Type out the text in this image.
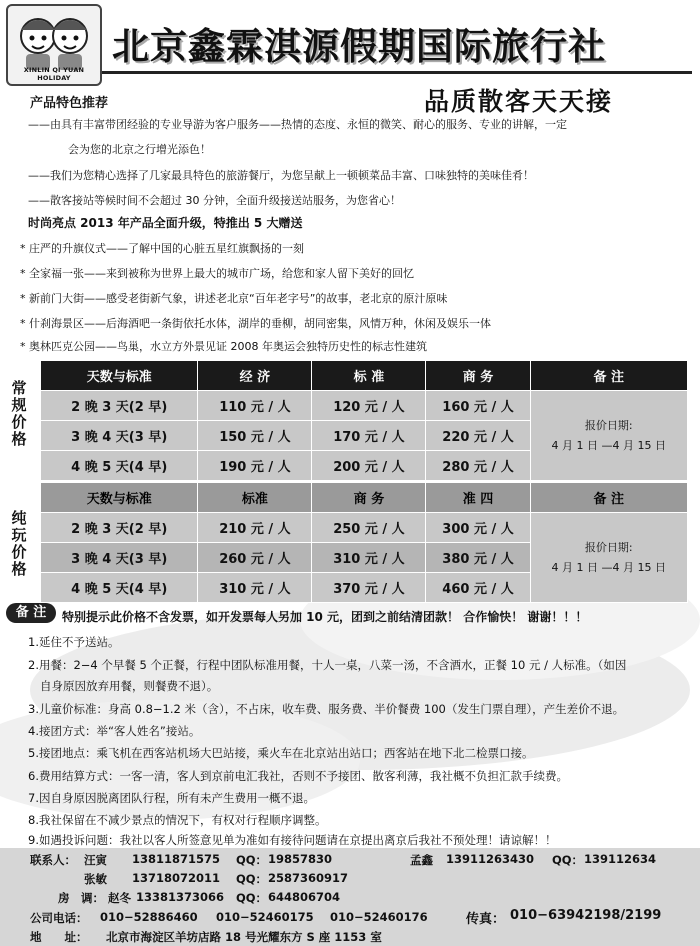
XINLIN QI YUAN HOLIDAY
北京鑫霖淇源假期国际旅行社
产品特色推荐	品质散客天天接
——由具有丰富带团经验的专业导游为客户服务——热情的态度、永恒的微笑、耐心的服务、专业的讲解，一定
会为您的北京之行增光添色！
——我们为您精心选择了几家最具特色的旅游餐厅，为您呈献上一顿顿菜品丰富、口味独特的美味佳肴！
——散客接站等候时间不会超过 30 分钟，全面升级接送站服务，为您省心！
时尚亮点 2013 年产品全面升级，特推出 5 大赠送
* 庄严的升旗仪式——了解中国的心脏五星红旗飘扬的一刻
* 全家福一张——来到被称为世界上最大的城市广场，给您和家人留下美好的回忆
* 新前门大街——感受老街新气象，讲述老北京“百年老字号”的故事，老北京的原汁原味
* 什刹海景区——后海酒吧一条街依托水体，湖岸的垂柳，胡同密集，风情万种，休闲及娱乐一体
* 奥林匹克公园——鸟巢，水立方外景见证 2008 年奥运会独特历史性的标志性建筑
常规价格
天数与标准	经 济	标 准	商 务	备 注
2 晚 3 天(2 早)	110 元 / 人	120 元 / 人	160 元 / 人	报价日期:
4 月 1 日 —4 月 15 日

3 晚 4 天(3 早)	150 元 / 人	170 元 / 人	220 元 / 人	
4 晚 5 天(4 早)	190 元 / 人	200 元 / 人	280 元 / 人	
纯玩价格
天数与标准	标准	商 务	准 四	备 注
2 晚 3 天(2 早)	210 元 / 人	250 元 / 人	300 元 / 人	报价日期:
4 月 1 日 —4 月 15 日

3 晚 4 天(3 早)	260 元 / 人	310 元 / 人	380 元 / 人	
4 晚 5 天(4 早)	310 元 / 人	370 元 / 人	460 元 / 人	
备 注	特别提示此价格不含发票，如开发票每人另加 10 元，团到之前结清团款！ 合作愉快！ 谢谢！！！
1.延住不予送站。
2.用餐：2−4 个早餐 5 个正餐，行程中团队标准用餐，十人一桌，八菜一汤，不含酒水，正餐 10 元 / 人标准。（如因
自身原因放弃用餐，则餐费不退）。
3.儿童价标准：身高 0.8−1.2 米（含），不占床，收车费、服务费、半价餐费 100（发生门票自理），产生差价不退。
4.接团方式：举“客人姓名”接站。
5.接团地点：乘飞机在西客站机场大巴站接，乘火车在北京站出站口；西客站在地下北二检票口接。
6.费用结算方式：一客一清，客人到京前电汇我社，否则不予接团、散客利薄，我社概不负担汇款手续费。
7.因自身原因脱离团队行程，所有未产生费用一概不退。
8.我社保留在不减少景点的情况下，有权对行程顺序调整。
9.如遇投诉问题：我社以客人所签意见单为准如有接待问题请在京提出离京后我社不预处理！请谅解！！
联系人： 汪寅 13811871575 QQ： 19857830	孟鑫 13911263430 QQ： 139112634
张敏 13718072011 QQ： 2587360917
房　调： 赵冬 13381373066 QQ： 644806704
公司电话： 010−52886460 010−52460175 010−52460176	传真： 010−63942198/2199
地　　址： 北京市海淀区羊坊店路 18 号光耀东方 S 座 1153 室
